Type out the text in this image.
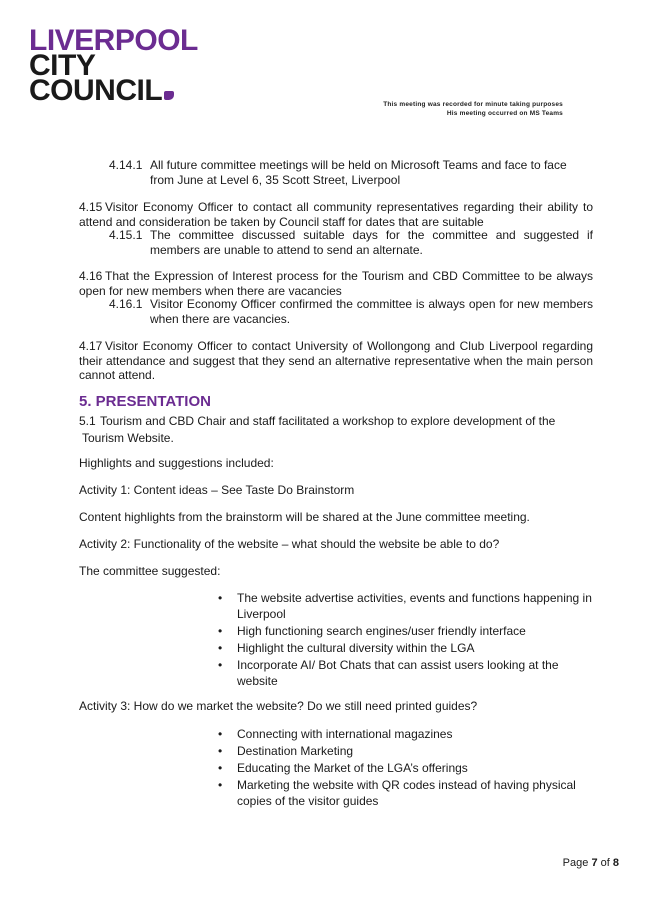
LIVERPOOL
CITY
COUNCIL	This meeting was recorded for minute taking purposes
His meeting occurred on MS Teams
4.14.1 All future committee meetings will be held on Microsoft Teams and face to face from June at Level 6, 35 Scott Street, Liverpool
4.15 Visitor Economy Officer to contact all community representatives regarding their ability to attend and consideration be taken by Council staff for dates that are suitable
4.15.1 The committee discussed suitable days for the committee and suggested if members are unable to attend to send an alternate.
4.16 That the Expression of Interest process for the Tourism and CBD Committee to be always open for new members when there are vacancies
4.16.1 Visitor Economy Officer confirmed the committee is always open for new members when there are vacancies.
4.17 Visitor Economy Officer to contact University of Wollongong and Club Liverpool regarding their attendance and suggest that they send an alternative representative when the main person cannot attend.
5. PRESENTATION
5.1 Tourism and CBD Chair and staff facilitated a workshop to explore development of the Tourism Website.
Highlights and suggestions included:
Activity 1: Content ideas – See Taste Do Brainstorm
Content highlights from the brainstorm will be shared at the June committee meeting.
Activity 2: Functionality of the website – what should the website be able to do?
The committee suggested:
• The website advertise activities, events and functions happening in Liverpool
• High functioning search engines/user friendly interface
• Highlight the cultural diversity within the LGA
• Incorporate AI/ Bot Chats that can assist users looking at the website
Activity 3: How do we market the website? Do we still need printed guides?
• Connecting with international magazines
• Destination Marketing
• Educating the Market of the LGA’s offerings
• Marketing the website with QR codes instead of having physical copies of the visitor guides
Page 7 of 8
